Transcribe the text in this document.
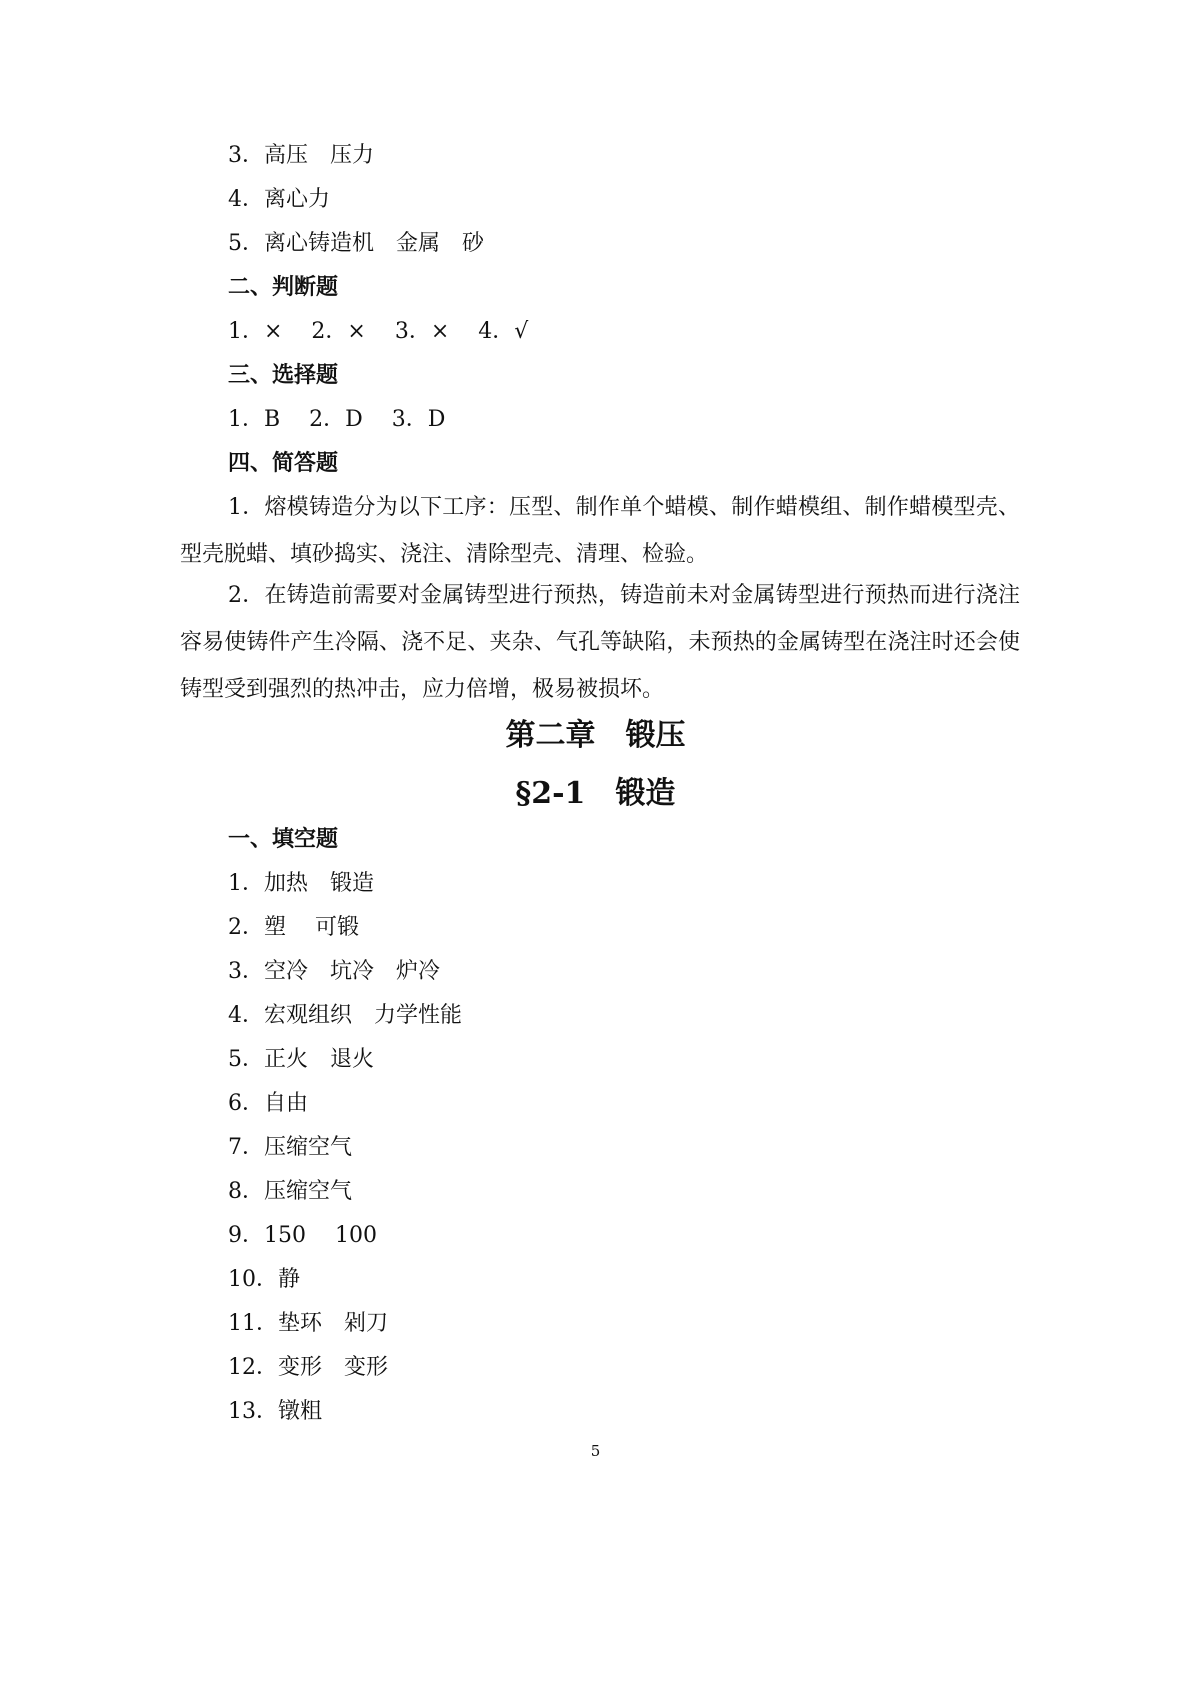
3．高压　压力
4．离心力
5．离心铸造机　金属　砂
二、判断题
1．×　 2．×　 3．×　 4．√
三、选择题
1．B　 2．D　 3．D
四、简答题
1．熔模铸造分为以下工序：压型、制作单个蜡模、制作蜡模组、制作蜡模型壳、型壳脱蜡、填砂捣实、浇注、清除型壳、清理、检验。
2．在铸造前需要对金属铸型进行预热，铸造前未对金属铸型进行预热而进行浇注容易使铸件产生冷隔、浇不足、夹杂、气孔等缺陷，未预热的金属铸型在浇注时还会使铸型受到强烈的热冲击，应力倍增，极易被损坏。
第二章　锻压
§2-1　锻造
一、填空题
1．加热　锻造
2．塑　 可锻
3．空冷　坑冷　炉冷
4．宏观组织　力学性能
5．正火　退火
6．自由
7．压缩空气
8．压缩空气
9．150　 100
10．静
11．垫环　剁刀
12．变形　变形
13．镦粗
5
